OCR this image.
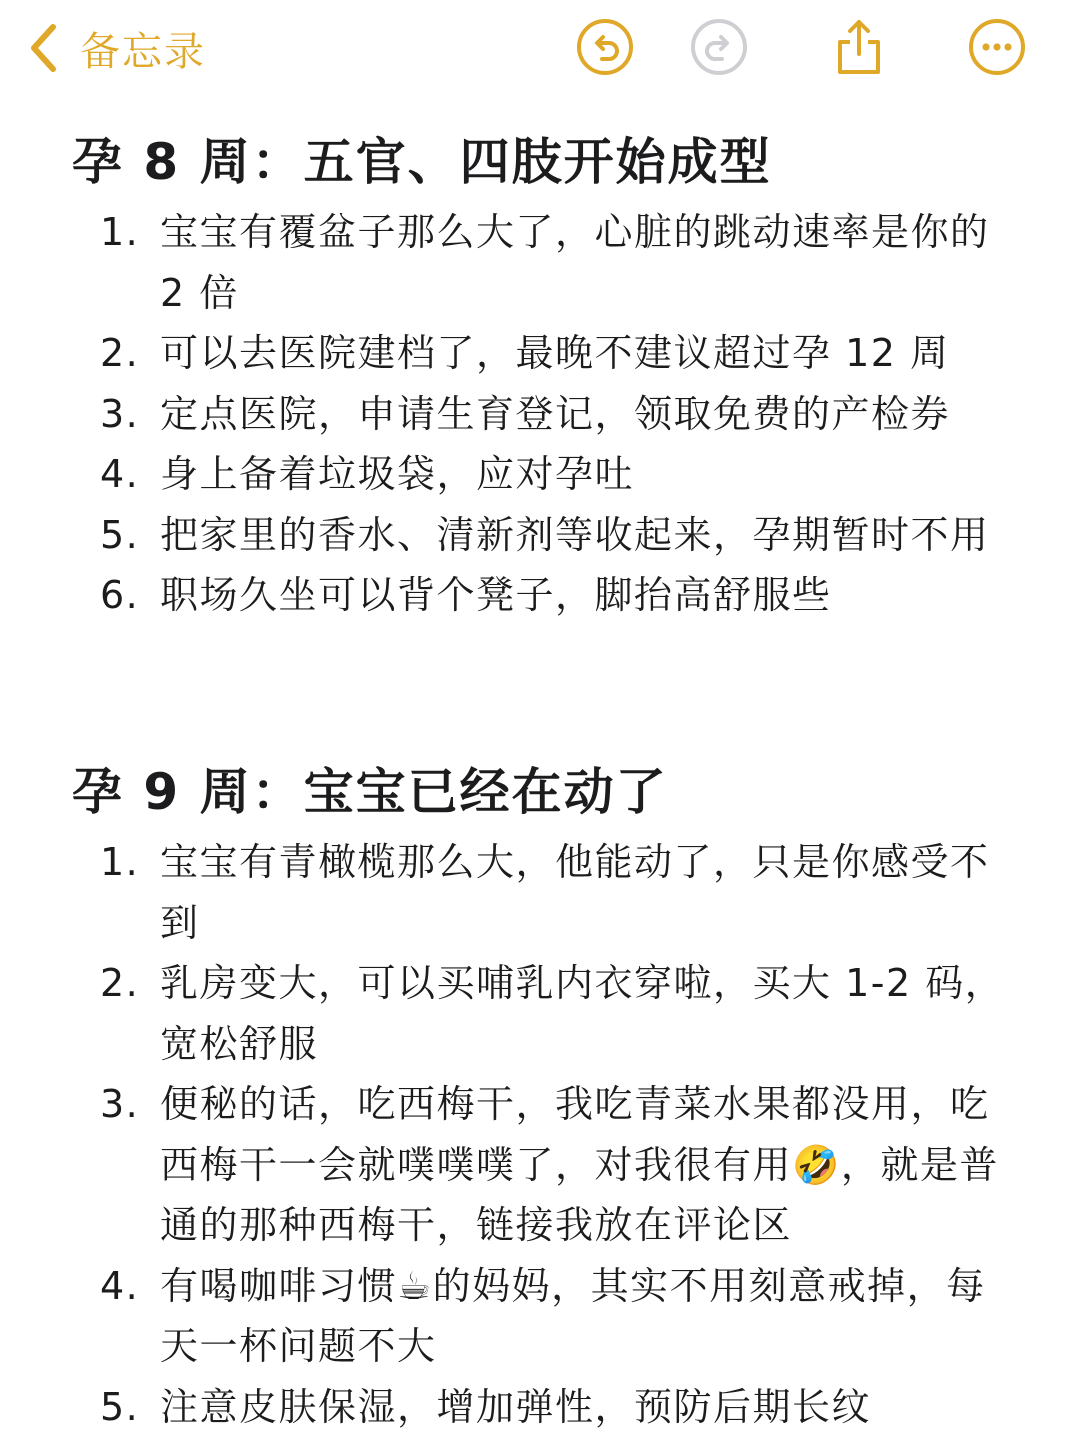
备忘录
孕 8 周：五官、四肢开始成型
1. 宝宝有覆盆子那么大了，心脏的跳动速率是你的 2 倍
2. 可以去医院建档了，最晚不建议超过孕 12 周
3. 定点医院，申请生育登记，领取免费的产检券
4. 身上备着垃圾袋，应对孕吐
5. 把家里的香水、清新剂等收起来，孕期暂时不用
6. 职场久坐可以背个凳子，脚抬高舒服些
孕 9 周：宝宝已经在动了
1. 宝宝有青橄榄那么大，他能动了，只是你感受不到
2. 乳房变大，可以买哺乳内衣穿啦，买大 1-2 码，宽松舒服
3. 便秘的话，吃西梅干，我吃青菜水果都没用，吃西梅干一会就噗噗噗了，对我很有用🤣，就是普通的那种西梅干，链接我放在评论区
4. 有喝咖啡习惯☕的妈妈，其实不用刻意戒掉，每天一杯问题不大
5. 注意皮肤保湿，增加弹性，预防后期长纹
